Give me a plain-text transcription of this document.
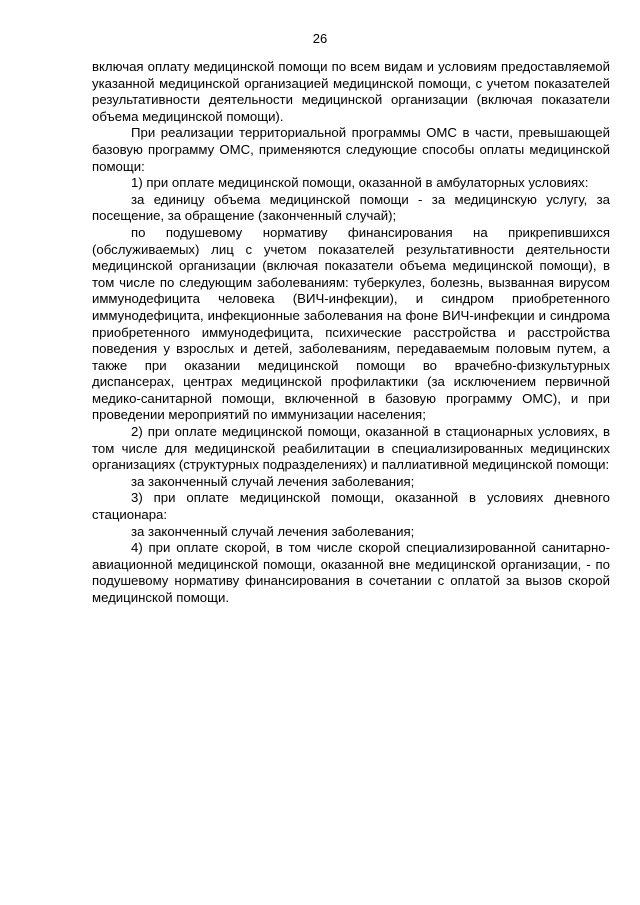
26

включая оплату медицинской помощи по всем видам и условиям предоставляемой указанной медицинской организацией медицинской помощи, с учетом показателей результативности деятельности медицинской организации (включая показатели объема медицинской помощи).

При реализации территориальной программы ОМС в части, превышающей базовую программу ОМС, применяются следующие способы оплаты медицинской помощи:

1) при оплате медицинской помощи, оказанной в амбулаторных условиях:

за единицу объема медицинской помощи - за медицинскую услугу, за посещение, за обращение (законченный случай);

по подушевому нормативу финансирования на прикрепившихся (обслуживаемых) лиц с учетом показателей результативности деятельности медицинской организации (включая показатели объема медицинской помощи), в том числе по следующим заболеваниям: туберкулез, болезнь, вызванная вирусом иммунодефицита человека (ВИЧ-инфекции), и синдром приобретенного иммунодефицита, инфекционные заболевания на фоне ВИЧ-инфекции и синдрома приобретенного иммунодефицита, психические расстройства и расстройства поведения у взрослых и детей, заболеваниям, передаваемым половым путем, а также при оказании медицинской помощи во врачебно-физкультурных диспансерах, центрах медицинской профилактики (за исключением первичной медико-санитарной помощи, включенной в базовую программу ОМС), и при проведении мероприятий по иммунизации населения;

2) при оплате медицинской помощи, оказанной в стационарных условиях, в том числе для медицинской реабилитации в специализированных медицинских организациях (структурных подразделениях) и паллиативной медицинской помощи:

за законченный случай лечения заболевания;

3) при оплате медицинской помощи, оказанной в условиях дневного стационара:

за законченный случай лечения заболевания;

4) при оплате скорой, в том числе скорой специализированной санитарно-авиационной медицинской помощи, оказанной вне медицинской организации, - по подушевому нормативу финансирования в сочетании с оплатой за вызов скорой медицинской помощи.
